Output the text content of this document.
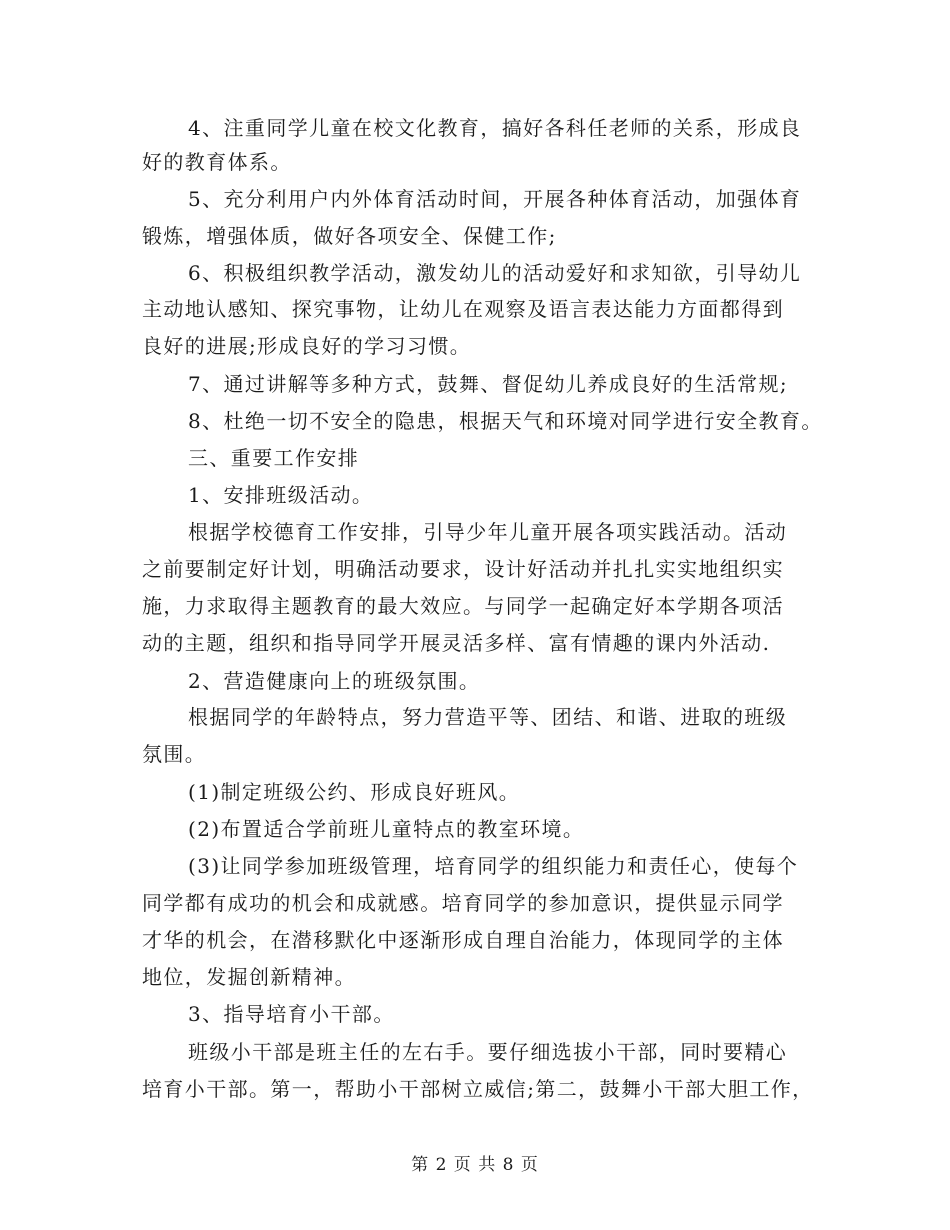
4、注重同学儿童在校文化教育，搞好各科任老师的关系，形成良
好的教育体系。
5、充分利用户内外体育活动时间，开展各种体育活动，加强体育
锻炼，增强体质，做好各项安全、保健工作;
6、积极组织教学活动，激发幼儿的活动爱好和求知欲，引导幼儿
主动地认感知、探究事物，让幼儿在观察及语言表达能力方面都得到
良好的进展;形成良好的学习习惯。
7、通过讲解等多种方式，鼓舞、督促幼儿养成良好的生活常规;
8、杜绝一切不安全的隐患，根据天气和环境对同学进行安全教育。
三、重要工作安排
1、安排班级活动。
根据学校德育工作安排，引导少年儿童开展各项实践活动。活动
之前要制定好计划，明确活动要求，设计好活动并扎扎实实地组织实
施，力求取得主题教育的最大效应。与同学一起确定好本学期各项活
动的主题，组织和指导同学开展灵活多样、富有情趣的课内外活动.
2、营造健康向上的班级氛围。
根据同学的年龄特点，努力营造平等、团结、和谐、进取的班级
氛围。
(1)制定班级公约、形成良好班风。
(2)布置适合学前班儿童特点的教室环境。
(3)让同学参加班级管理，培育同学的组织能力和责任心，使每个
同学都有成功的机会和成就感。培育同学的参加意识，提供显示同学
才华的机会，在潜移默化中逐渐形成自理自治能力，体现同学的主体
地位，发掘创新精神。
3、指导培育小干部。
班级小干部是班主任的左右手。要仔细选拔小干部，同时要精心
培育小干部。第一，帮助小干部树立威信;第二，鼓舞小干部大胆工作，
第 2 页 共 8 页
